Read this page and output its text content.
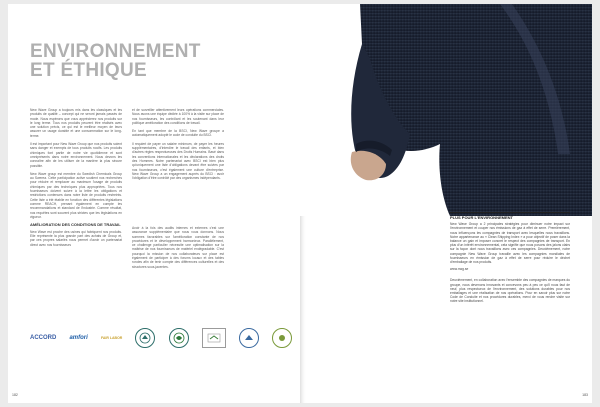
ENVIRONNEMENT
ET ÉTHIQUE

New Wave Group a toujours mis dans les classiques et les produits de qualité – concept qui ne seront jamais passés de mode. Nous espérons que vous apprécierez nos produits sur le long terme. Tous nos produits peuvent être réalisés avec une solution précis, ce qui est le meilleur moyen de leurs assurer un usage durable et une consommation sur le long-terme.

Il est important pour New Wave Group que nos produits soient sans danger et exempts de tous produits nocifs. Les produits chimiques font partie de notre vie quotidienne et sont omniprésents dans notre environnement. Nous devons les connaître afin de les utiliser de la manière la plus sécure possible.

New Wave group est membre du Swedish Chemicals Group au Swerea. Cette participation active soutient nos recherches pour réduire et remplacer au maximum l'usage de produits chimiques par des techniques plus appropriées. Tous nos fournisseurs doivent suivre à la lettre les obligations et restrictions contenues dans notre liste de produits restreints. Cette liste a été établie en fonction des différentes législations comme REACH, prenant également en compte les recommandations et standard de l'industrie. Comme résultat, nos requêtes sont souvent plus strictes que les législations en vigueur.

AMÉLIORATION DES CONDITIONS DE TRAVAIL

New Wave est proche des usines qui fabriquent nos produits. Elle représente la plus grande part des achats de Group et, par ces propres salariés nous permet d'avoir un partenariat direct avec nos fournisseurs

et de surveiller attentivement leurs opérations commerciales. Nous avons une équipe dédiée à 100% à la visite sur place de nos fournisseurs, les contrôlant et les soutenant dans leur politique amélioration des conditions de travail.

En tant que membre de la BSCI, New Wave groupe a automatiquement adopté le code de conduite du BSCI.

Il requiert de payer un salaire minimum, de payer les heures supplémentaires, d'interdire le travail des enfants, et bien d'autres règles respectueuses des Droits Humains. Basé dans les conventions internationales et les déclarations des droits des Hommes. Notre partenariat avec BSCI est bien plus qu'uniquement une liste d'obligations devant être suivies par nos fournisseurs, c'est également une culture d'entreprise. New Wave Group a un engagement auprès du BSCI : avoir l'obligation d'être contrôlé par des organismes indépendants.

Avoir à la fois des audits internes et externes c'est une assurance supplémentaire que nous vous donnons. Nous sommes favorables sur l'amélioration constante de nos procédures et le développement harmonieux. Parallèlement, ce challenge particulier nécessite une optimalisation sur la maîtrise de nos fournisseurs de matériel endégradable. C'est pourquoi la mission de nos collaborateurs sur place est également de participer à des forums locaux et des tables rondes afin de tenir compte des différences culturelles et des structures sous-jacentes.

ACCORD amfori	FAIR LABOR
182
PLUS POUR L'ENVIRONNEMENT

New Wave Group a 2 principales stratégies pour diminuer notre impact sur l'environnement et couper nos émissions de gaz à effet de serre. Premièrement, nous influençons les compagnies de transport avec lesquelles nous travaillons. Notre appartenance au « Clean Shipping Index » a pour objectif de poser dans la balance un gain et imposer concret le respect des compagnies de transport. En plus d'un intérêt environnemental, cela signifie que nous posons des jalons clairs sur la façon dont nous travaillons avec ces compagnies. Deuxièmement, notre compagnie New Wave Group travaille avec les compagnies mondiales de fournisseurs en émission de gaz à effet de serre pour réduire le déchet d'emballage de nos produits.

www.nwg.se

Deuxièmement, en collaboration avec l'ensemble des compagnies de marques du groupe, nous devenons innovants et concevons peu à peu ce qu'il nous faut de neuf, plus respectueux de l'environnement, des solutions durables pour nos emballages et une réalisation de nos opérations. Pour en savoir plus sur notre Code de Conduite et nos procédures durables, merci de vous rendre visite sur notre site institutionnel.

183
